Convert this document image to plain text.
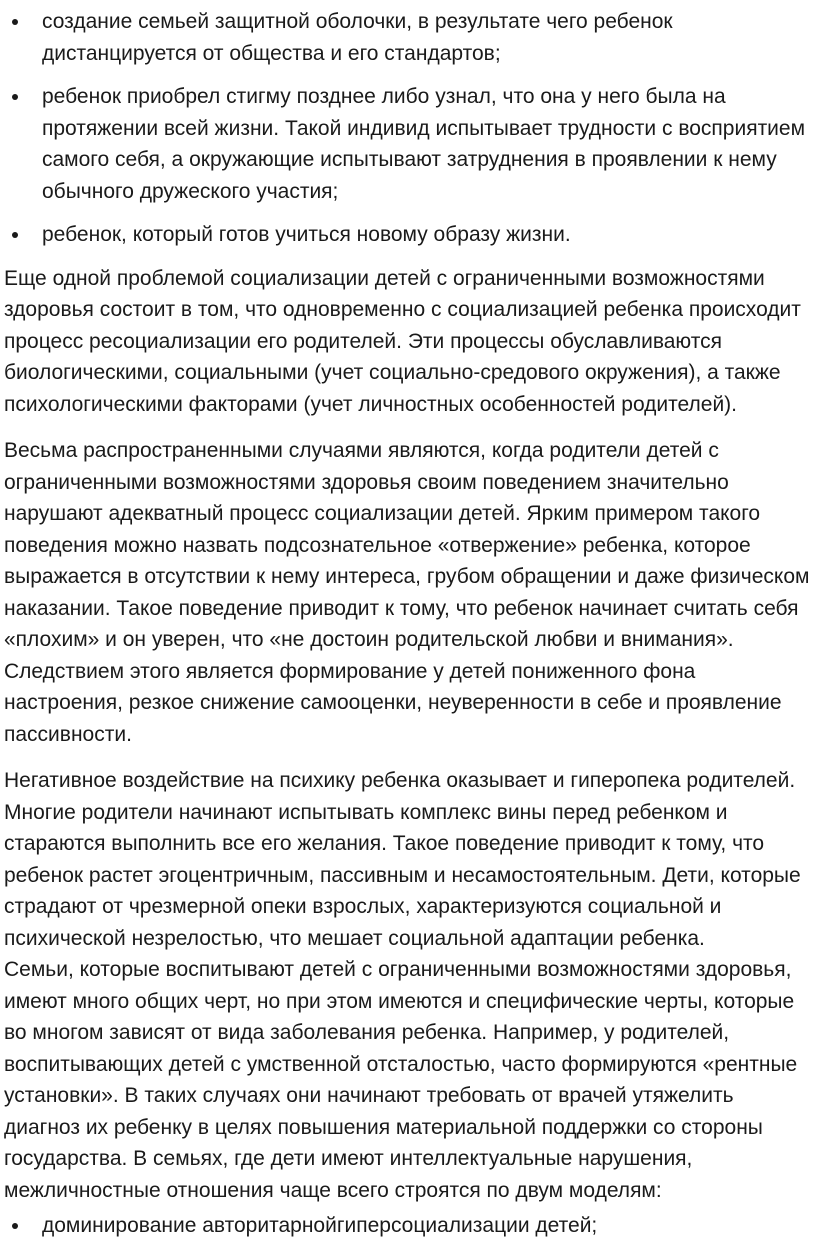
создание семьей защитной оболочки, в результате чего ребенок дистанцируется от общества и его стандартов;
ребенок приобрел стигму позднее либо узнал, что она у него была на протяжении всей жизни. Такой индивид испытывает трудности с восприятием самого себя, а окружающие испытывают затруднения в проявлении к нему обычного дружеского участия;
ребенок, который готов учиться новому образу жизни.

Еще одной проблемой социализации детей с ограниченными возможностями здоровья состоит в том, что одновременно с социализацией ребенка происходит процесс ресоциализации его родителей. Эти процессы обуславливаются биологическими, социальными (учет социально-средового окружения), а также психологическими факторами (учет личностных особенностей родителей).

Весьма распространенными случаями являются, когда родители детей с ограниченными возможностями здоровья своим поведением значительно нарушают адекватный процесс социализации детей. Ярким примером такого поведения можно назвать подсознательное «отвержение» ребенка, которое выражается в отсутствии к нему интереса, грубом обращении и даже физическом наказании. Такое поведение приводит к тому, что ребенок начинает считать себя «плохим» и он уверен, что «не достоин родительской любви и внимания». Следствием этого является формирование у детей пониженного фона настроения, резкое снижение самооценки, неуверенности в себе и проявление пассивности.

Негативное воздействие на психику ребенка оказывает и гиперопека родителей. Многие родители начинают испытывать комплекс вины перед ребенком и стараются выполнить все его желания. Такое поведение приводит к тому, что ребенок растет эгоцентричным, пассивным и несамостоятельным. Дети, которые страдают от чрезмерной опеки взрослых, характеризуются социальной и психической незрелостью, что мешает социальной адаптации ребенка.

Семьи, которые воспитывают детей с ограниченными возможностями здоровья, имеют много общих черт, но при этом имеются и специфические черты, которые во многом зависят от вида заболевания ребенка. Например, у родителей, воспитывающих детей с умственной отсталостью, часто формируются «рентные установки». В таких случаях они начинают требовать от врачей утяжелить диагноз их ребенку в целях повышения материальной поддержки со стороны государства. В семьях, где дети имеют интеллектуальные нарушения, межличностные отношения чаще всего строятся по двум моделям:

доминирование авторитарнойгиперсоциализации детей;
